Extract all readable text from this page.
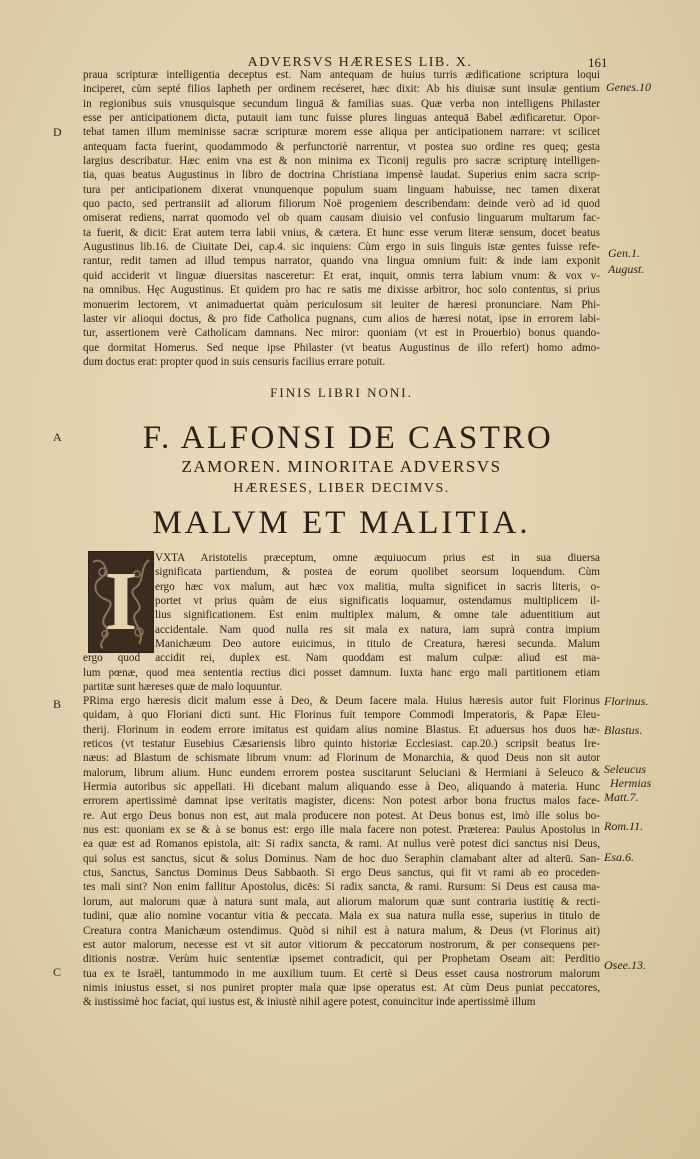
ADVERSVS HÆRESES LIB. X.	161
Genes.10
D
praua scripturæ intelligentia deceptus est. Nam antequam de huius turris ædificatione scriptura loqui
inciperet, cùm septé filios Iapheth per ordinem recéseret, hæc dixit: Ab his diuisæ sunt insulæ gentium
in regionibus suis vnusquisque secundum linguā & familias suas. Quæ verba non intelligens Philaster
esse per anticipationem dicta, putauit iam tunc fuisse plures linguas antequā Babel ædificaretur. Opor-
tebat tamen illum meminisse sacræ scripturæ morem esse aliqua per anticipationem narrare: vt scilicet
antequam facta fuerint, quodammodo & perfunctoriè narrentur, vt postea suo ordine res queq; gesta
largius describatur. Hæc enim vna est & non minima ex Ticonij regulis pro sacræ scripturę intelligen-
tia, quas beatus Augustinus in libro de doctrina Christiana impensè laudat. Superius enim sacra scrip-
tura per anticipationem dixerat vnunquenque populum suam linguam habuisse, nec tamen dixerat
quo pacto, sed pertransiit ad aliorum filiorum Noë progeniem describendam: deinde verò ad id quod
omiserat rediens, narrat quomodo vel ob quam causam diuisio vel confusio linguarum multarum fac-
ta fuerit, & dicit: Erat autem terra labii vnius, & cætera. Et hunc esse verum literæ sensum, docet beatus
Augustinus lib.16. de Ciuitate Dei, cap.4. sic inquiens: Cùm ergo in suis linguis istæ gentes fuisse refe-
rantur, redit tamen ad illud tempus narrator, quando vna lingua omnium fuit: & inde iam exponit
quid acciderit vt linguæ diuersitas nasceretur: Et erat, inquit, omnis terra labium vnum: & vox v-
na omnibus. Hęc Augustinus. Et quidem pro hac re satis me dixisse arbitror, hoc solo contentus, si prius
monuerim lectorem, vt animaduertat quàm periculosum sit leuiter de hæresi pronunciare. Nam Phi-
laster vir alioqui doctus, & pro fide Catholica pugnans, cum alios de hæresi notat, ipse in errorem labi-
tur, assertionem verè Catholicam damnans. Nec miror: quoniam (vt est in Prouerbio) bonus quando-
que dormitat Homerus. Sed neque ipse Philaster (vt beatus Augustinus de illo refert) homo admo-
dum doctus erat: propter quod in suis censuris facilius errare potuit.
Gen.1.
August.
FINIS LIBRI NONI.
A	F. ALFONSI DE CASTRO
ZAMOREN. MINORITAE ADVERSVS
HÆRESES, LIBER DECIMVS.
MALVM ET MALITIA.
I	VXTA Aristotelis præceptum, omne æquiuocum prius est in sua diuersa
significata partiendum, & postea de eorum quolibet seorsum loquendum. Cùm
ergo hæc vox malum, aut hæc vox malitia, multa significet in sacris literis, o-
portet vt prius quàm de eius significatis loquamur, ostendamus multiplicem il-
lius significationem. Est enim multiplex malum, & omne tale aduentitium aut
accidentale. Nam quod nulla res sit mala ex natura, iam suprà contra impium
Manichæum Deo autore euicimus, in titulo de Creatura, hæresi secunda. Malum
ergo quod accidit rei, duplex est. Nam quoddam est malum culpæ: aliud est ma-
lum pœnæ, quod mea sententia rectius dici posset damnum. Iuxta hanc ergo mali partitionem etiam
partitæ sunt hæreses quæ de malo loquuntur.
B PRima ergo hæresis dicit malum esse à Deo, & Deum facere mala. Huius hæresis autor fuit Florinus
quidam, à quo Floriani dicti sunt. Hic Florinus fuit tempore Commodi Imperatoris, & Papæ Eleu-
therij. Florinum in eodem errore imitatus est quidam alius nomine Blastus. Et aduersus hos duos hæ-
reticos (vt testatur Eusebius Cæsariensis libro quinto historiæ Ecclesiast. cap.20.) scripsit beatus Ire-
næus: ad Blastum de schismate librum vnum: ad Florinum de Monarchia, & quod Deus non sit autor
malorum, librum alium. Hunc eundem errorem postea suscitarunt Seluciani & Hermiani à Seleuco &
Hermia autoribus sic appellati. Hi dicebant malum aliquando esse à Deo, aliquando à materia. Hunc
errorem apertissimè damnat ipse veritatis magister, dicens: Non potest arbor bona fructus malos face-
re. Aut ergo Deus bonus non est, aut mala producere non potest. At Deus bonus est, imò ille solus bo-
nus est: quoniam ex se & à se bonus est: ergo ille mala facere non potest. Præterea: Paulus Apostolus in
ea quæ est ad Romanos epistola, ait: Si radix sancta, & rami. At nullus verè potest dici sanctus nisi Deus,
qui solus est sanctus, sicut & solus Dominus. Nam de hoc duo Seraphin clamabant alter ad alterū. San-
ctus, Sanctus, Sanctus Dominus Deus Sabbaoth. Si ergo Deus sanctus, qui fit vt rami ab eo proceden-
tes mali sint? Non enim fallitur Apostolus, dicēs: Si radix sancta, & rami. Rursum: Si Deus est causa ma-
lorum, aut malorum quæ à natura sunt mala, aut aliorum malorum quæ sunt contraria iustitię & recti-
tudini, quæ alio nomine vocantur vitia & peccata. Mala ex sua natura nulla esse, superius in titulo de
Creatura contra Manichæum ostendimus. Quòd si nihil est à natura malum, & Deus (vt Florinus ait)
est autor malorum, necesse est vt sit autor vitiorum & peccatorum nostrorum, & per consequens per-
ditionis nostræ. Verùm huic sententiæ ipsemet contradicit, qui per Prophetam Oseam ait: Perditio
tua ex te Israël, tantummodo in me auxilium tuum. Et certè si Deus esset causa nostrorum malorum
nimis iniustus esset, si nos puniret propter mala quæ ipse operatus est. At cùm Deus puniat peccatores,
& iustissimè hoc faciat, qui iustus est, & iniustè nihil agere potest, conuincitur inde apertissimè illum
Florinus.
Blastus.
Seleucus
Hermias
Matt.7.
Rom.11.
Esa.6.
Osee.13.
C
